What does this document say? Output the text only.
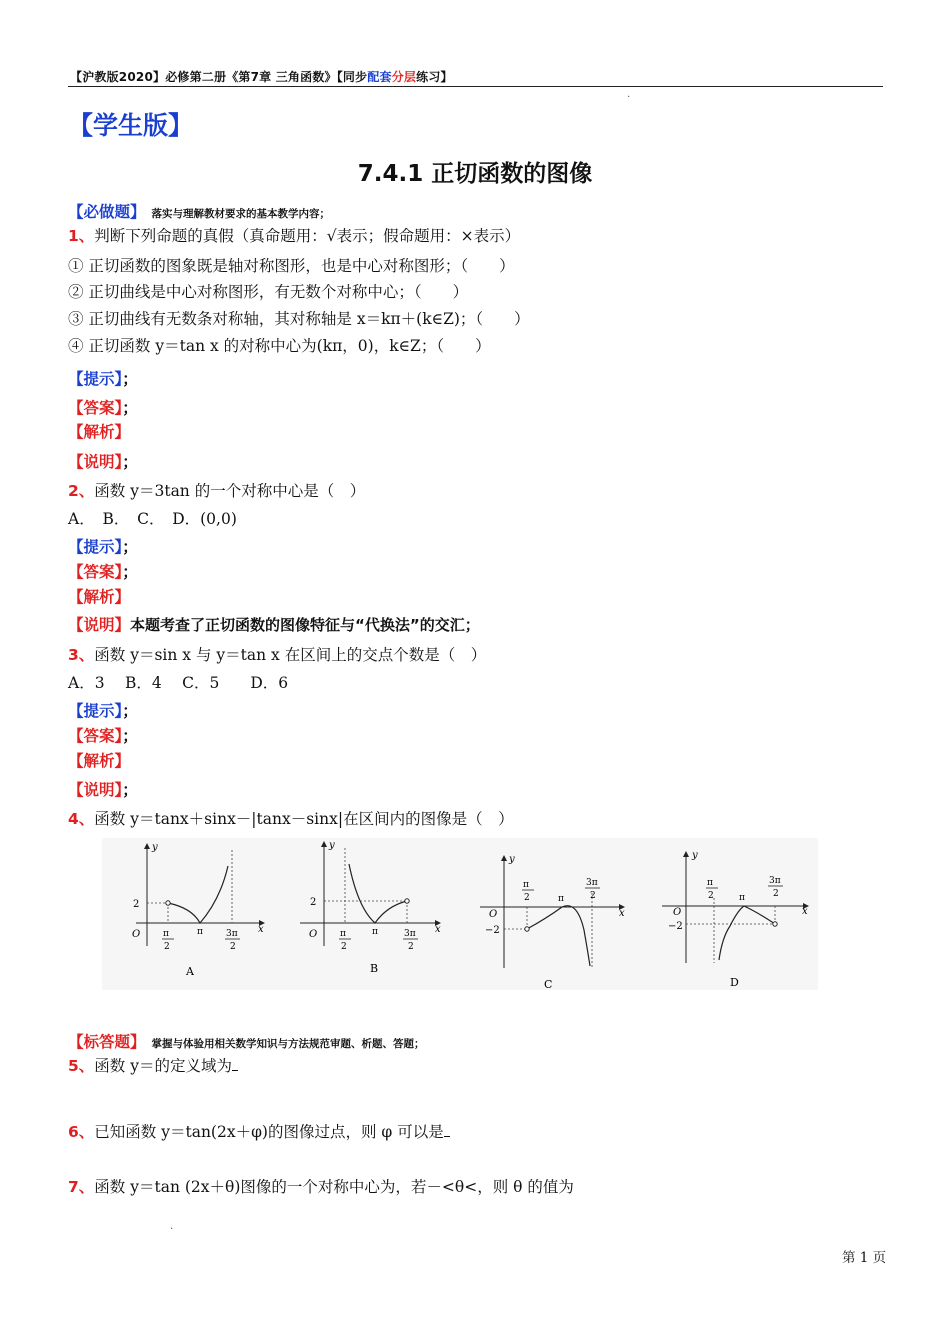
【沪教版2020】必修第二册《第7章 三角函数》【同步配套分层练习】
·
【学生版】
7.4.1 正切函数的图像
【必做题】 落实与理解教材要求的基本教学内容；
1、判断下列命题的真假（真命题用：√表示；假命题用：×表示）
① 正切函数的图象既是轴对称图形，也是中心对称图形；（　　）
② 正切曲线是中心对称图形，有无数个对称中心；（　　）
③ 正切曲线有无数条对称轴，其对称轴是 x＝kπ＋(k∈Z)；（　　）
④ 正切函数 y＝tan x 的对称中心为(kπ，0)，k∈Z；（　　）
【提示】；
【答案】；
【解析】
【说明】；
2、函数 y＝3tan 的一个对称中心是（　）
A．　B．　C．　D．(0,0)
【提示】；
【答案】；
【解析】
【说明】本题考查了正切函数的图像特征与“代换法”的交汇；
3、函数 y＝sin x 与 y＝tan x 在区间上的交点个数是（　）
A．3　 B．4　 C．5　　D．6
【提示】；
【答案】；
【解析】
【说明】；
4、函数 y＝tanx＋sinx－|tanx－sinx|在区间内的图像是（　）
y
x
O
2
π
2
π	3π
2
A
y
x
O
2
π
2
π	3π
2
B
y
x
O
−2
π
2	π
3π
2
C
y
x
O
−2
π
2	π
3π
2
D
【标答题】 掌握与体验用相关数学知识与方法规范审题、析题、答题；
5、函数 y＝的定义域为
6、已知函数 y＝tan(2x＋φ)的图像过点，则 φ 可以是
7、函数 y＝tan (2x＋θ)图像的一个对称中心为，若－<θ<，则 θ 的值为
·
第 1 页
